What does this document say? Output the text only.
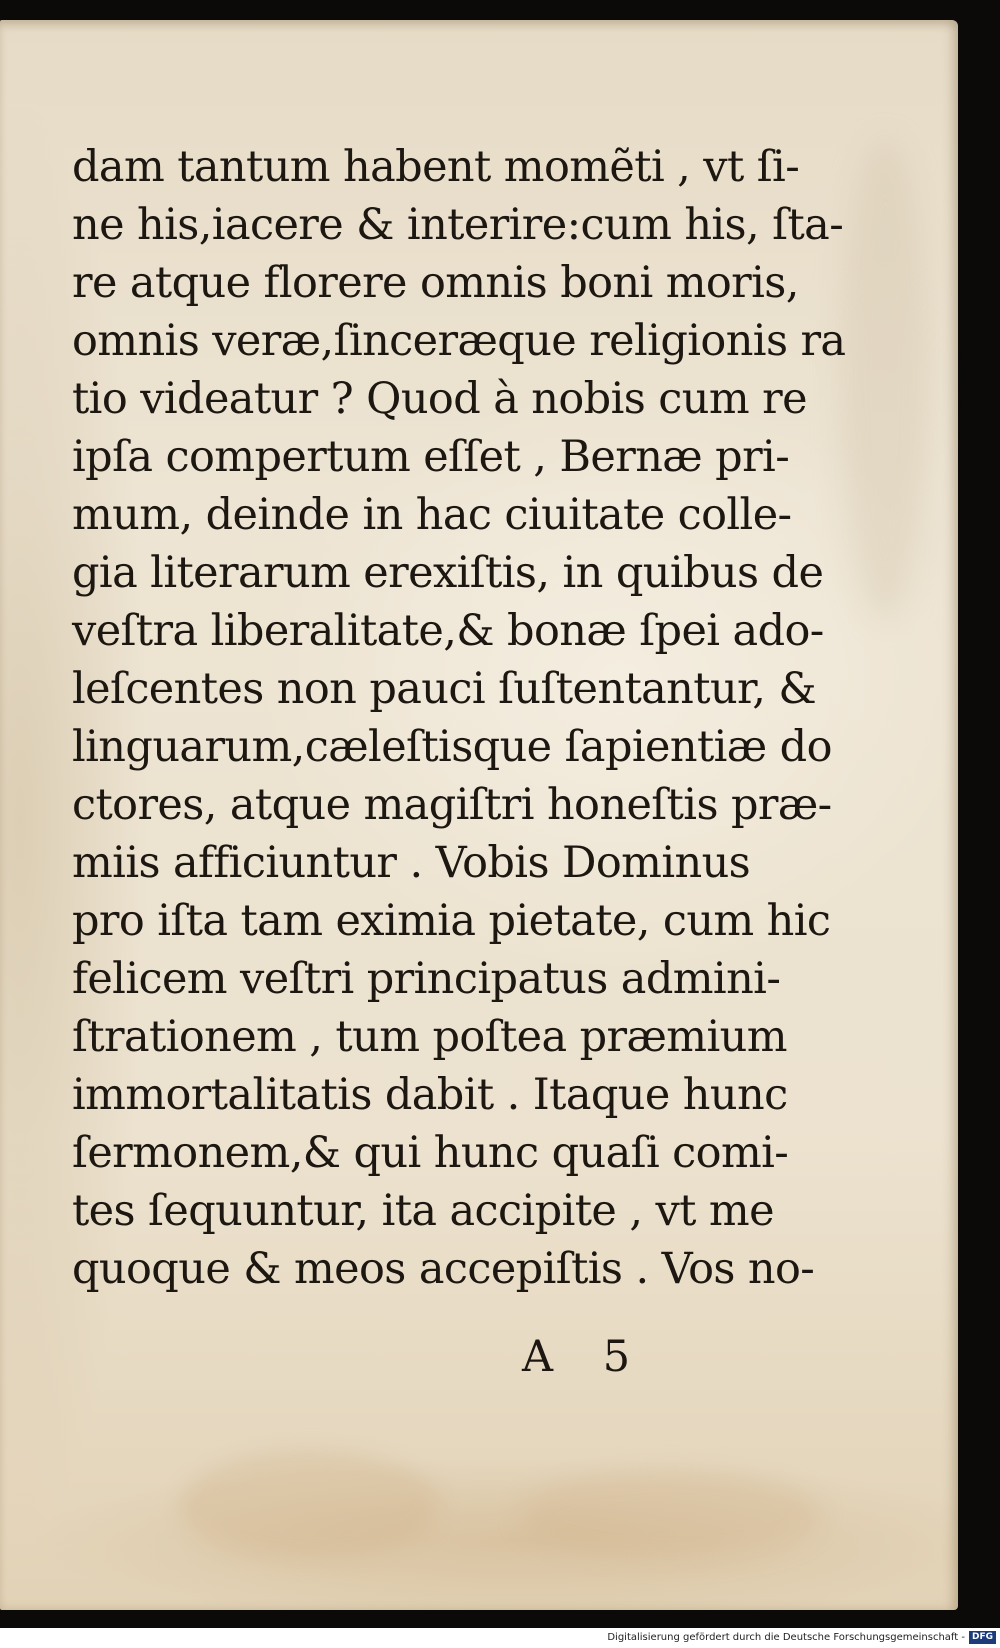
dam tantum habent momẽti , vt ſi-
ne his,iacere & interire:cum his, ſta-
re atque florere omnis boni moris,
omnis veræ,ſinceræque religionis ra
tio videatur ? Quod à nobis cum re
ipſa compertum eſſet , Bernæ pri-
mum, deinde in hac ciuitate colle-
gia literarum erexiſtis, in quibus de
veſtra liberalitate,& bonæ ſpei ado-
leſcentes non pauci ſuſtentantur, &
linguarum,cæleſtisque ſapientiæ do
ctores, atque magiſtri honeſtis præ-
miis afficiuntur . Vobis Dominus
pro iſta tam eximia pietate, cum hic
felicem veſtri principatus admini-
ſtrationem , tum poſtea præmium
immortalitatis dabit . Itaque hunc
ſermonem,& qui hunc quaſi comi-
tes ſequuntur, ita accipite , vt me
quoque & meos accepiſtis . Vos no-
A 5
Digitalisierung gefördert durch die Deutsche Forschungsgemeinschaft - DFG
